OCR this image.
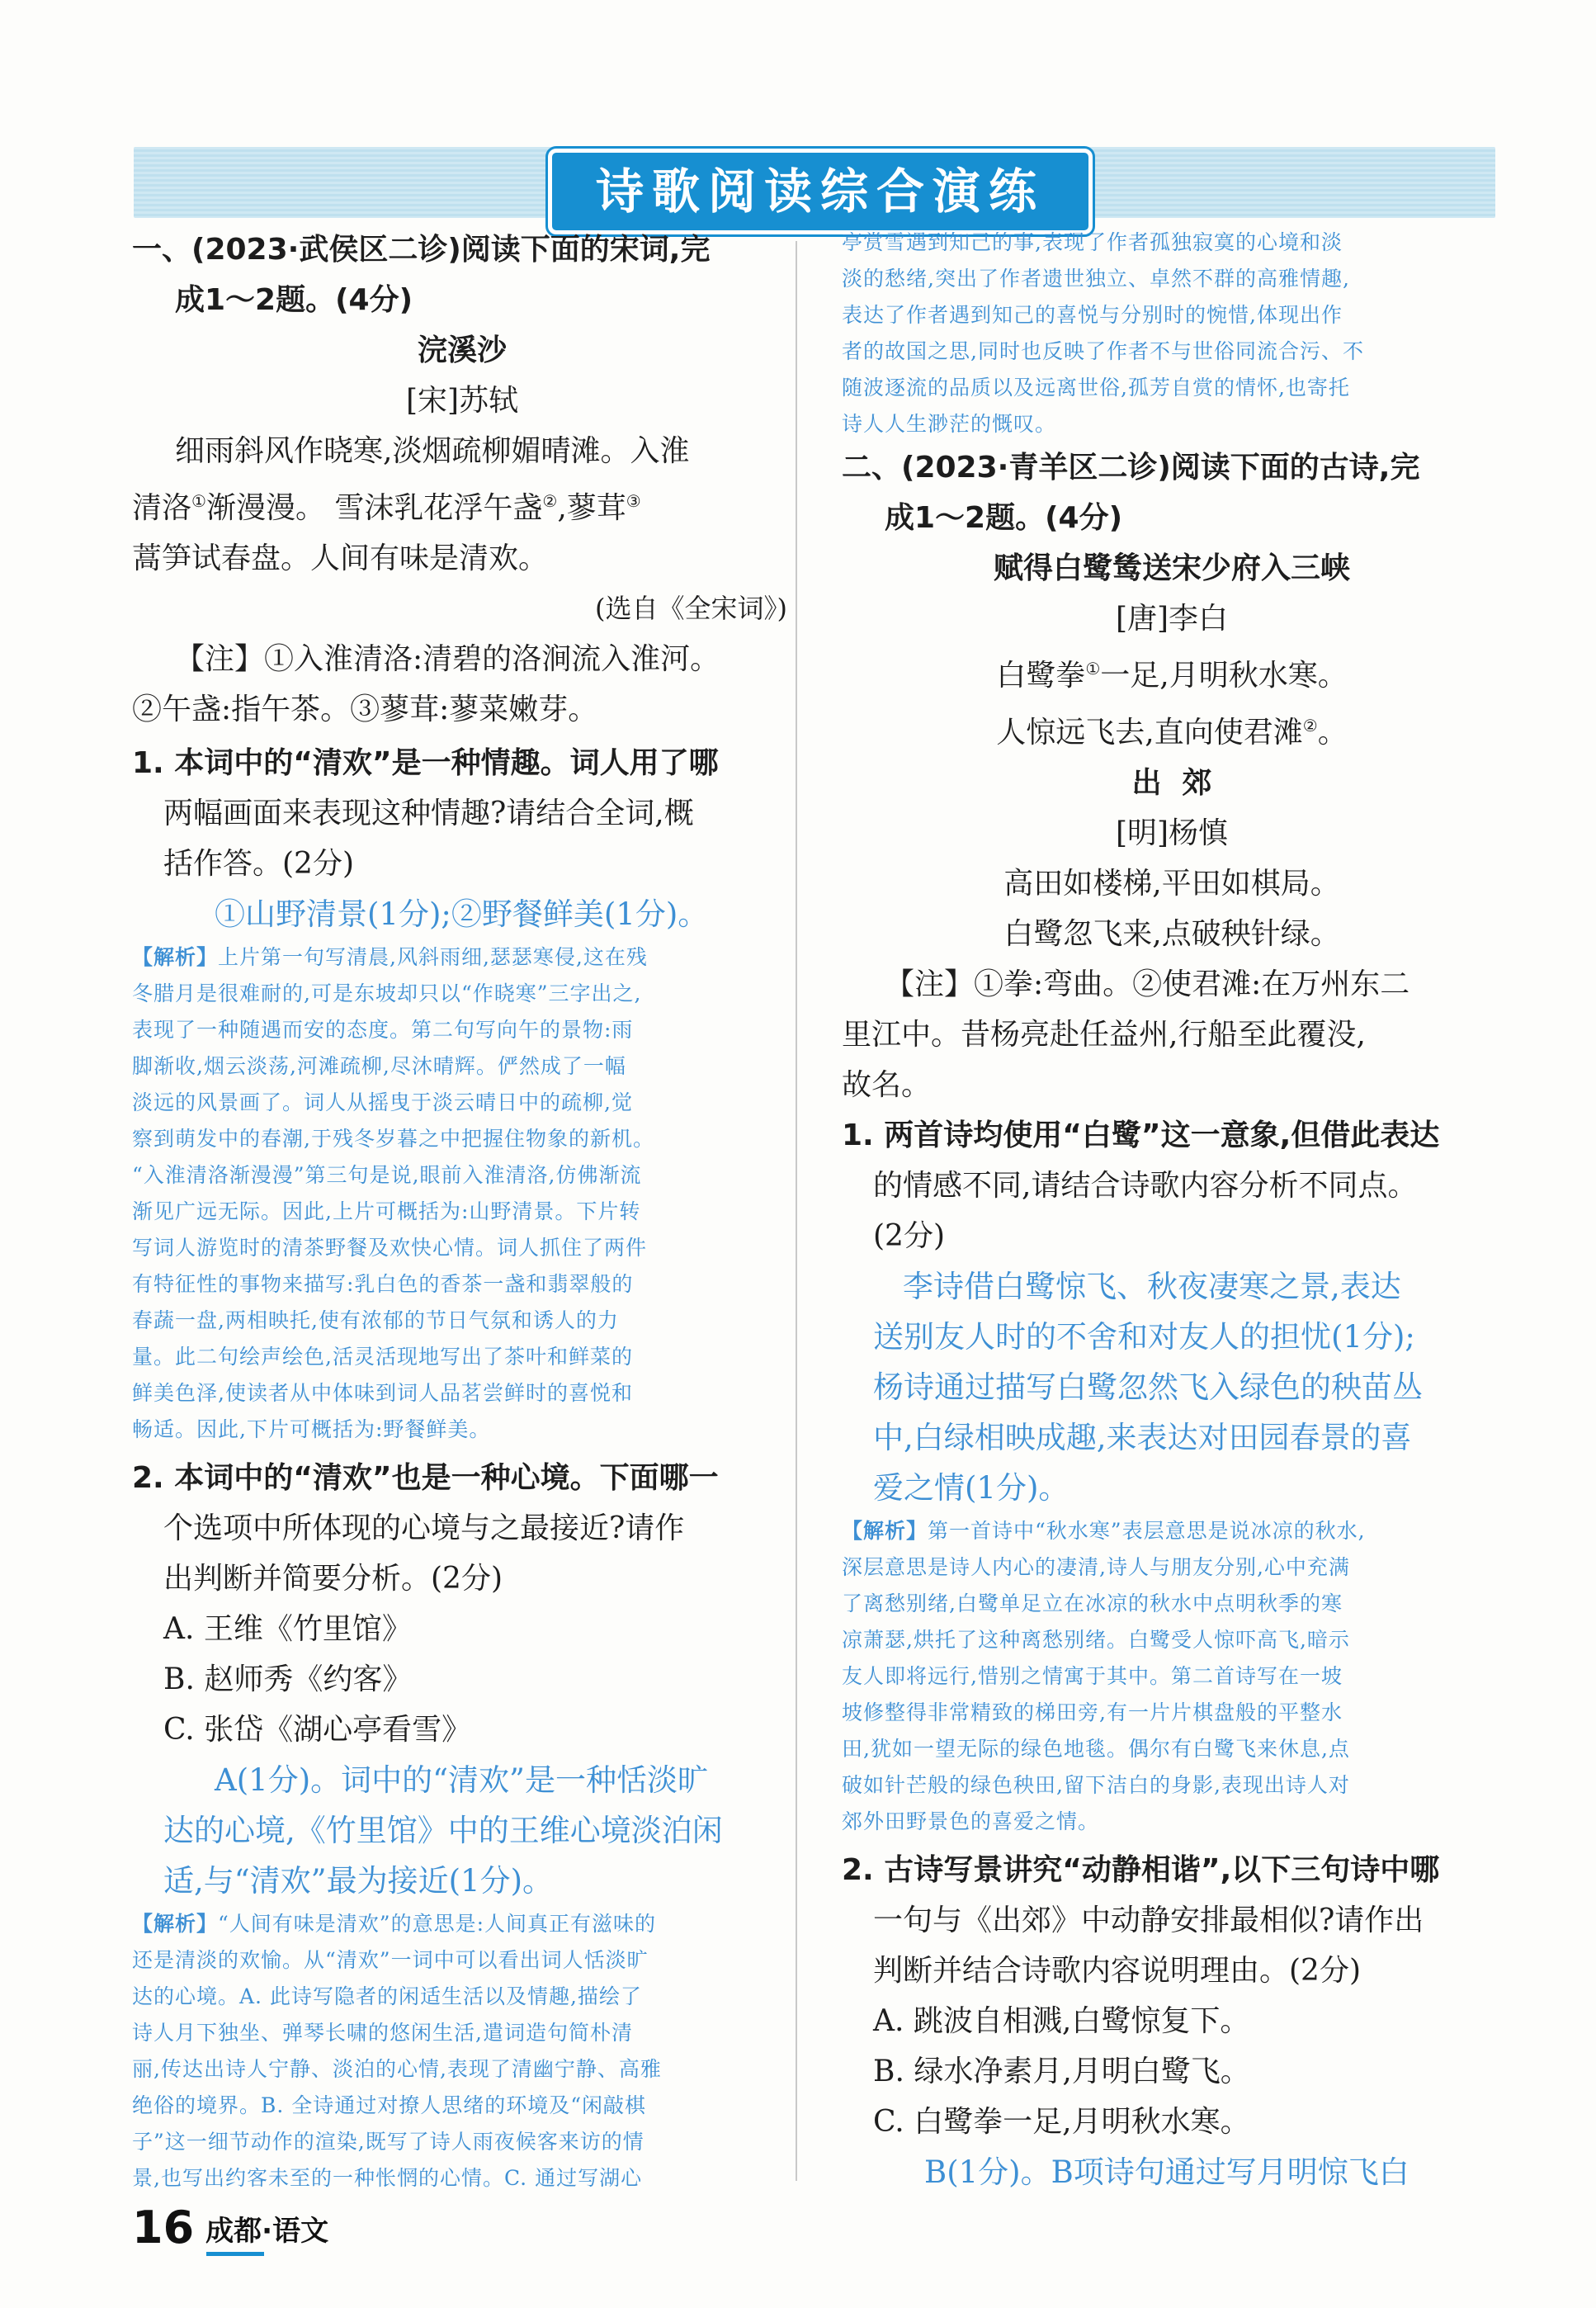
诗歌阅读综合演练
一、(2023·武侯区二诊)阅读下面的宋词,完
成1～2题。(4分)
浣溪沙
[宋]苏轼
细雨斜风作晓寒,淡烟疏柳媚晴滩。入淮
清洛①渐漫漫。 雪沫乳花浮午盏②,蓼茸③
蒿笋试春盘。人间有味是清欢。
(选自《全宋词》)
【注】①入淮清洛:清碧的洛涧流入淮河。
②午盏:指午茶。③蓼茸:蓼菜嫩芽。
1. 本词中的“清欢”是一种情趣。词人用了哪
两幅画面来表现这种情趣?请结合全词,概
括作答。(2分)
①山野清景(1分);②野餐鲜美(1分)。
【解析】上片第一句写清晨,风斜雨细,瑟瑟寒侵,这在残
冬腊月是很难耐的,可是东坡却只以“作晓寒”三字出之,
表现了一种随遇而安的态度。第二句写向午的景物:雨
脚渐收,烟云淡荡,河滩疏柳,尽沐晴辉。俨然成了一幅
淡远的风景画了。词人从摇曳于淡云晴日中的疏柳,觉
察到萌发中的春潮,于残冬岁暮之中把握住物象的新机。
“入淮清洛渐漫漫”第三句是说,眼前入淮清洛,仿佛渐流
渐见广远无际。因此,上片可概括为:山野清景。下片转
写词人游览时的清茶野餐及欢快心情。词人抓住了两件
有特征性的事物来描写:乳白色的香茶一盏和翡翠般的
春蔬一盘,两相映托,使有浓郁的节日气氛和诱人的力
量。此二句绘声绘色,活灵活现地写出了茶叶和鲜菜的
鲜美色泽,使读者从中体味到词人品茗尝鲜时的喜悦和
畅适。因此,下片可概括为:野餐鲜美。
2. 本词中的“清欢”也是一种心境。下面哪一
个选项中所体现的心境与之最接近?请作
出判断并简要分析。(2分)
A. 王维《竹里馆》
B. 赵师秀《约客》
C. 张岱《湖心亭看雪》
A(1分)。词中的“清欢”是一种恬淡旷
达的心境,《竹里馆》中的王维心境淡泊闲
适,与“清欢”最为接近(1分)。
【解析】“人间有味是清欢”的意思是:人间真正有滋味的
还是清淡的欢愉。从“清欢”一词中可以看出词人恬淡旷
达的心境。A. 此诗写隐者的闲适生活以及情趣,描绘了
诗人月下独坐、弹琴长啸的悠闲生活,遣词造句简朴清
丽,传达出诗人宁静、淡泊的心情,表现了清幽宁静、高雅
绝俗的境界。B. 全诗通过对撩人思绪的环境及“闲敲棋
子”这一细节动作的渲染,既写了诗人雨夜候客来访的情
景,也写出约客未至的一种怅惘的心情。C. 通过写湖心
亭赏雪遇到知己的事,表现了作者孤独寂寞的心境和淡
淡的愁绪,突出了作者遗世独立、卓然不群的高雅情趣,
表达了作者遇到知己的喜悦与分别时的惋惜,体现出作
者的故国之思,同时也反映了作者不与世俗同流合污、不
随波逐流的品质以及远离世俗,孤芳自赏的情怀,也寄托
诗人人生渺茫的慨叹。
二、(2023·青羊区二诊)阅读下面的古诗,完
成1～2题。(4分)
赋得白鹭鸶送宋少府入三峡
[唐]李白
白鹭拳①一足,月明秋水寒。
人惊远飞去,直向使君滩②。
出  郊
[明]杨慎
高田如楼梯,平田如棋局。
白鹭忽飞来,点破秧针绿。
【注】①拳:弯曲。②使君滩:在万州东二
里江中。昔杨亮赴任益州,行船至此覆没,
故名。
1. 两首诗均使用“白鹭”这一意象,但借此表达
的情感不同,请结合诗歌内容分析不同点。
(2分)
李诗借白鹭惊飞、秋夜凄寒之景,表达
送别友人时的不舍和对友人的担忧(1分);
杨诗通过描写白鹭忽然飞入绿色的秧苗丛
中,白绿相映成趣,来表达对田园春景的喜
爱之情(1分)。
【解析】第一首诗中“秋水寒”表层意思是说冰凉的秋水,
深层意思是诗人内心的凄清,诗人与朋友分别,心中充满
了离愁别绪,白鹭单足立在冰凉的秋水中点明秋季的寒
凉萧瑟,烘托了这种离愁别绪。白鹭受人惊吓高飞,暗示
友人即将远行,惜别之情寓于其中。第二首诗写在一坡
坡修整得非常精致的梯田旁,有一片片棋盘般的平整水
田,犹如一望无际的绿色地毯。偶尔有白鹭飞来休息,点
破如针芒般的绿色秧田,留下洁白的身影,表现出诗人对
郊外田野景色的喜爱之情。
2. 古诗写景讲究“动静相谐”,以下三句诗中哪
一句与《出郊》中动静安排最相似?请作出
判断并结合诗歌内容说明理由。(2分)
A. 跳波自相溅,白鹭惊复下。
B. 绿水净素月,月明白鹭飞。
C. 白鹭拳一足,月明秋水寒。
B(1分)。B项诗句通过写月明惊飞白
16 成都·语文
